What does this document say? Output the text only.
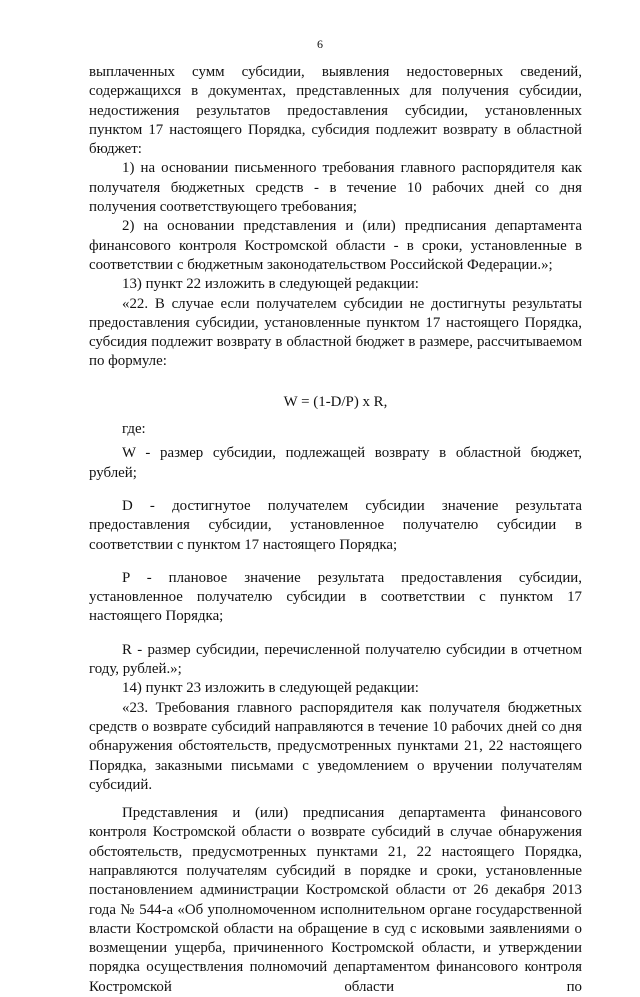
6

выплаченных сумм субсидии, выявления недостоверных сведений, содержащихся в документах, представленных для получения субсидии, недостижения результатов предоставления субсидии, установленных пунктом 17 настоящего Порядка, субсидия подлежит возврату в областной бюджет:

1) на основании письменного требования главного распорядителя как получателя бюджетных средств - в течение 10 рабочих дней со дня получения соответствующего требования;

2) на основании представления и (или) предписания департамента финансового контроля Костромской области - в сроки, установленные в соответствии с бюджетным законодательством Российской Федерации.»;

13) пункт 22 изложить в следующей редакции:

«22. В случае если получателем субсидии не достигнуты результаты предоставления субсидии, установленные пунктом 17 настоящего Порядка, субсидия подлежит возврату в областной бюджет в размере, рассчитываемом по формуле:

W = (1-D/P) x R,

где:

W - размер субсидии, подлежащей возврату в областной бюджет, рублей;

D - достигнутое получателем субсидии значение результата предоставления субсидии, установленное получателю субсидии в соответствии с пунктом 17 настоящего Порядка;

P - плановое значение результата предоставления субсидии, установленное получателю субсидии в соответствии с пунктом 17 настоящего Порядка;

R - размер субсидии, перечисленной получателю субсидии в отчетном году, рублей.»;

14) пункт 23 изложить в следующей редакции:

«23. Требования главного распорядителя как получателя бюджетных средств о возврате субсидий направляются в течение 10 рабочих дней со дня обнаружения обстоятельств, предусмотренных пунктами 21, 22 настоящего Порядка, заказными письмами с уведомлением о вручении получателям субсидий.

Представления и (или) предписания департамента финансового контроля Костромской области о возврате субсидий в случае обнаружения обстоятельств, предусмотренных пунктами 21, 22 настоящего Порядка, направляются получателям субсидий в порядке и сроки, установленные постановлением администрации Костромской области от 26 декабря 2013 года № 544-а «Об уполномоченном исполнительном органе государственной власти Костромской области на обращение в суд с исковыми заявлениями о возмещении ущерба, причиненного Костромской области, и утверждении порядка осуществления полномочий департаментом финансового контроля Костромской области по
